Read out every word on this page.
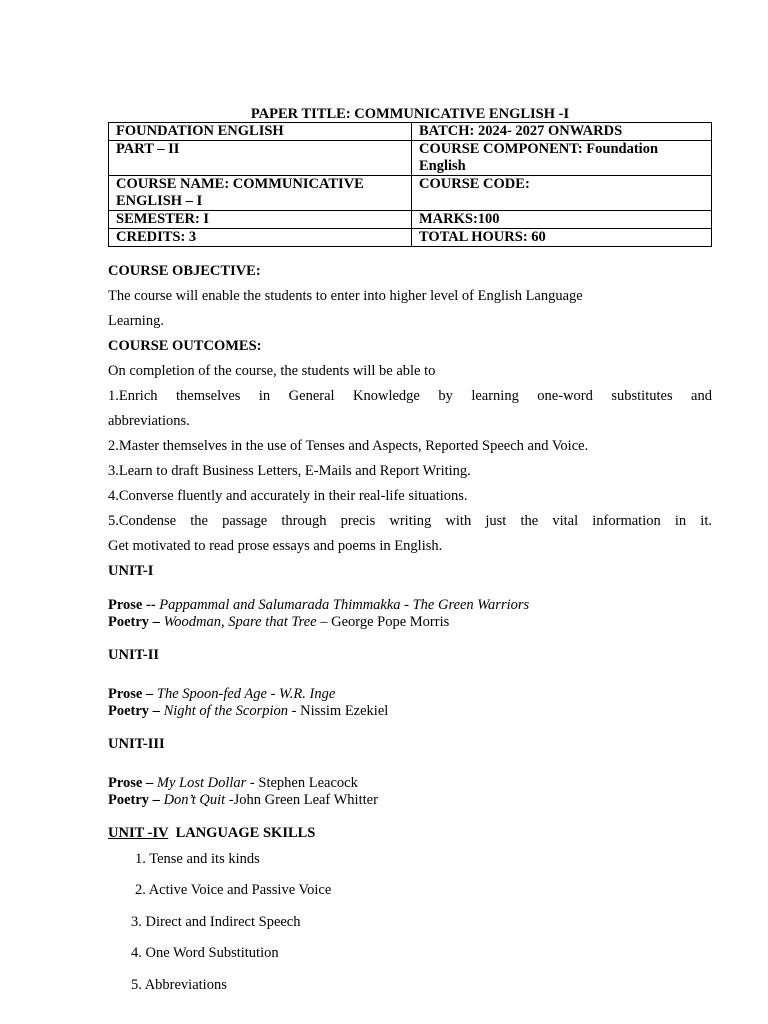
PAPER TITLE: COMMUNICATIVE ENGLISH -I
FOUNDATION ENGLISH	BATCH: 2024- 2027 ONWARDS
PART – II	COURSE COMPONENT: Foundation English
COURSE NAME: COMMUNICATIVE ENGLISH – I	COURSE CODE:
SEMESTER: I	MARKS:100
CREDITS: 3	TOTAL HOURS: 60
COURSE OBJECTIVE:
The course will enable the students to enter into higher level of English Language
Learning.
COURSE OUTCOMES:
On completion of the course, the students will be able to
1.Enrich themselves in General Knowledge by learning one-word substitutes and
abbreviations.
2.Master themselves in the use of Tenses and Aspects, Reported Speech and Voice.
3.Learn to draft Business Letters, E-Mails and Report Writing.
4.Converse fluently and accurately in their real-life situations.
5.Condense the passage through precis writing with just the vital information in it.
Get motivated to read prose essays and poems in English.
UNIT-I
Prose -- Pappammal and Salumarada Thimmakka - The Green Warriors
Poetry – Woodman, Spare that Tree – George Pope Morris
UNIT-II
Prose – The Spoon-fed Age - W.R. Inge
Poetry – Night of the Scorpion - Nissim Ezekiel
UNIT-III
Prose – My Lost Dollar - Stephen Leacock
Poetry – Don’t Quit -John Green Leaf Whitter
UNIT -IV  LANGUAGE SKILLS
1. Tense and its kinds
2. Active Voice and Passive Voice
3. Direct and Indirect Speech
4. One Word Substitution
5. Abbreviations
